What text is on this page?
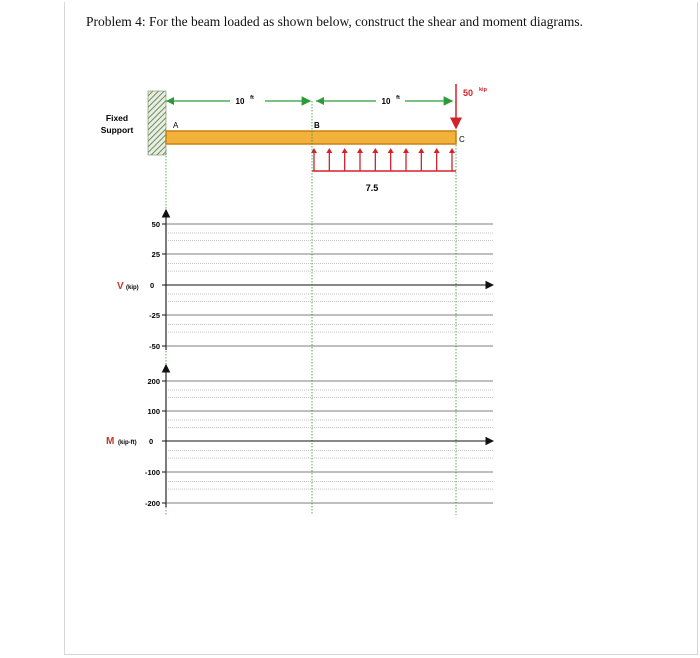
Problem 4: For the beam loaded as shown below, construct the shear and moment diagrams.
Fixed
Support
10 ft	10 ft
A	B
C
50 kip
7.5
50
25
-25
-50
0
200
100
-100
-200
0
V (kip)
M (kip-ft)
